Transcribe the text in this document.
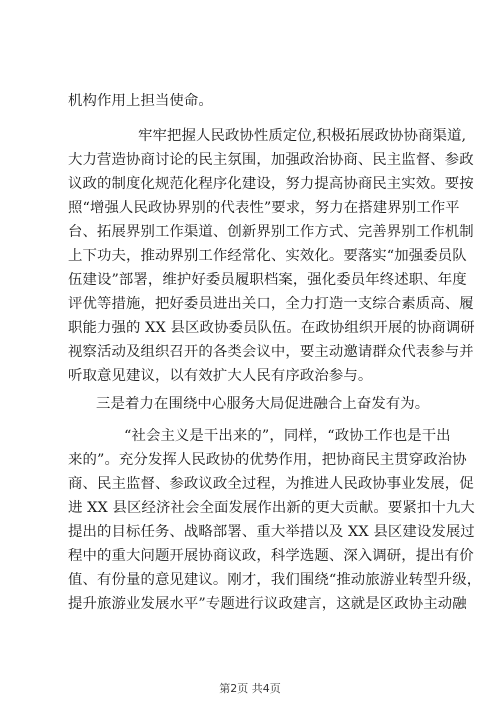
机构作用上担当使命。
牢牢把握人民政协性质定位,积极拓展政协协商渠道,
大力营造协商讨论的民主氛围，加强政治协商、民主监督、参政
议政的制度化规范化程序化建设，努力提高协商民主实效。要按
照“增强人民政协界别的代表性”要求，努力在搭建界别工作平
台、拓展界别工作渠道、创新界别工作方式、完善界别工作机制
上下功夫，推动界别工作经常化、实效化。要落实“加强委员队
伍建设”部署，维护好委员履职档案，强化委员年终述职、年度
评优等措施，把好委员进出关口，全力打造一支综合素质高、履
职能力强的 XX 县区政协委员队伍。在政协组织开展的协商调研
视察活动及组织召开的各类会议中，要主动邀请群众代表参与并
听取意见建议，以有效扩大人民有序政治参与。
三是着力在围绕中心服务大局促进融合上奋发有为。
“社会主义是干出来的”，同样，“政协工作也是干出
来的”。充分发挥人民政协的优势作用，把协商民主贯穿政治协
商、民主监督、参政议政全过程，为推进人民政协事业发展，促
进 XX 县区经济社会全面发展作出新的更大贡献。要紧扣十九大
提出的目标任务、战略部署、重大举措以及 XX 县区建设发展过
程中的重大问题开展协商议政，科学选题、深入调研，提出有价
值、有份量的意见建议。刚才，我们围绕“推动旅游业转型升级，
提升旅游业发展水平”专题进行议政建言，这就是区政协主动融
第2页 共4页
